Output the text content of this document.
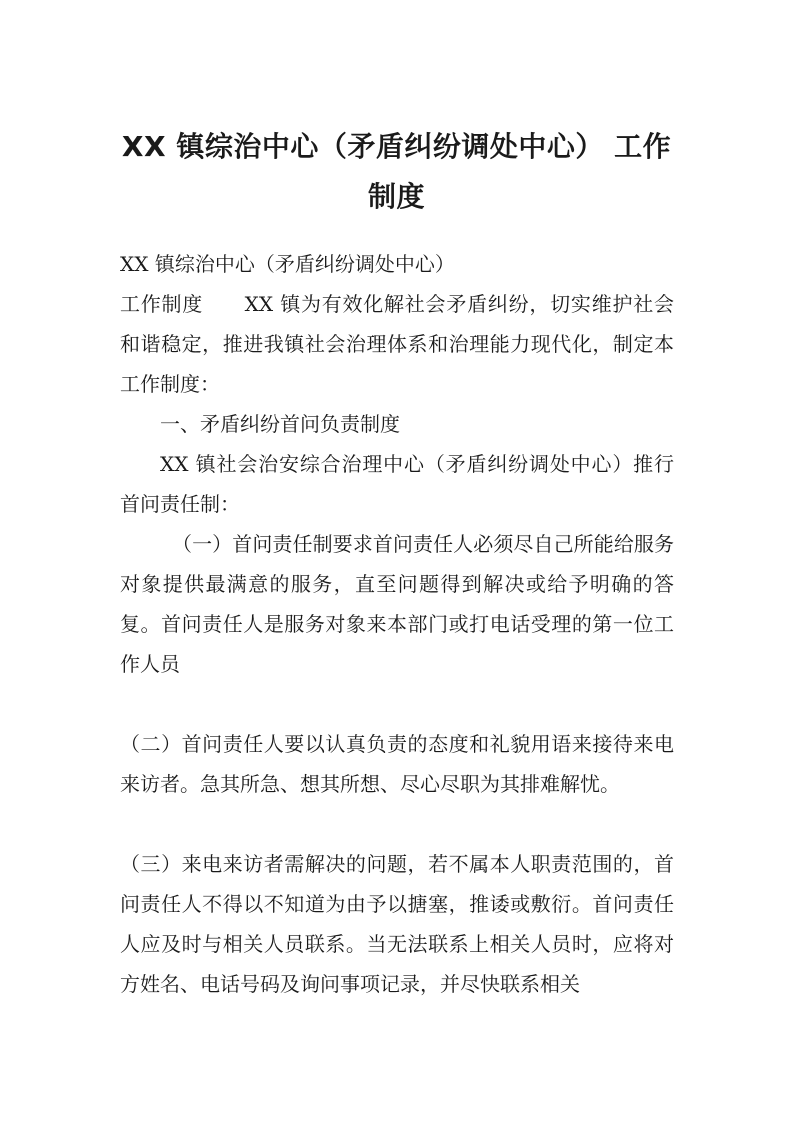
XX 镇综治中心（矛盾纠纷调处中心） 工作制度

XX 镇综治中心（矛盾纠纷调处中心）

工作制度　　XX 镇为有效化解社会矛盾纠纷，切实维护社会和谐稳定，推进我镇社会治理体系和治理能力现代化，制定本工作制度：

一、矛盾纠纷首问负责制度

XX 镇社会治安综合治理中心（矛盾纠纷调处中心）推行首问责任制：

（一）首问责任制要求首问责任人必须尽自己所能给服务对象提供最满意的服务，直至问题得到解决或给予明确的答复。首问责任人是服务对象来本部门或打电话受理的第一位工作人员

（二）首问责任人要以认真负责的态度和礼貌用语来接待来电来访者。急其所急、想其所想、尽心尽职为其排难解忧。

（三）来电来访者需解决的问题，若不属本人职责范围的，首问责任人不得以不知道为由予以搪塞，推诿或敷衍。首问责任人应及时与相关人员联系。当无法联系上相关人员时，应将对方姓名、电话号码及询问事项记录，并尽快联系相关
